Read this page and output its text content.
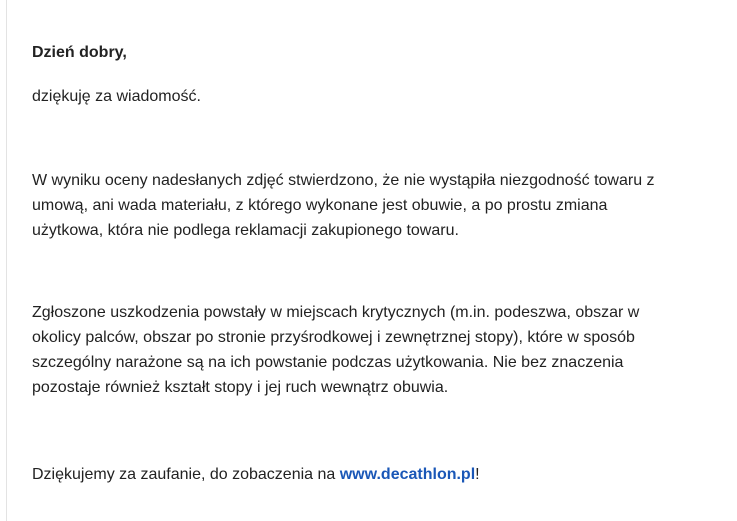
Dzień dobry,
dziękuję za wiadomość.
W wyniku oceny nadesłanych zdjęć stwierdzono, że nie wystąpiła niezgodność towaru z
umową, ani wada materiału, z którego wykonane jest obuwie, a po prostu zmiana
użytkowa, która nie podlega reklamacji zakupionego towaru.
Zgłoszone uszkodzenia powstały w miejscach krytycznych (m.in. podeszwa, obszar w
okolicy palców, obszar po stronie przyśrodkowej i zewnętrznej stopy), które w sposób
szczególny narażone są na ich powstanie podczas użytkowania. Nie bez znaczenia
pozostaje również kształt stopy i jej ruch wewnątrz obuwia.
Dziękujemy za zaufanie, do zobaczenia na www.decathlon.pl!
